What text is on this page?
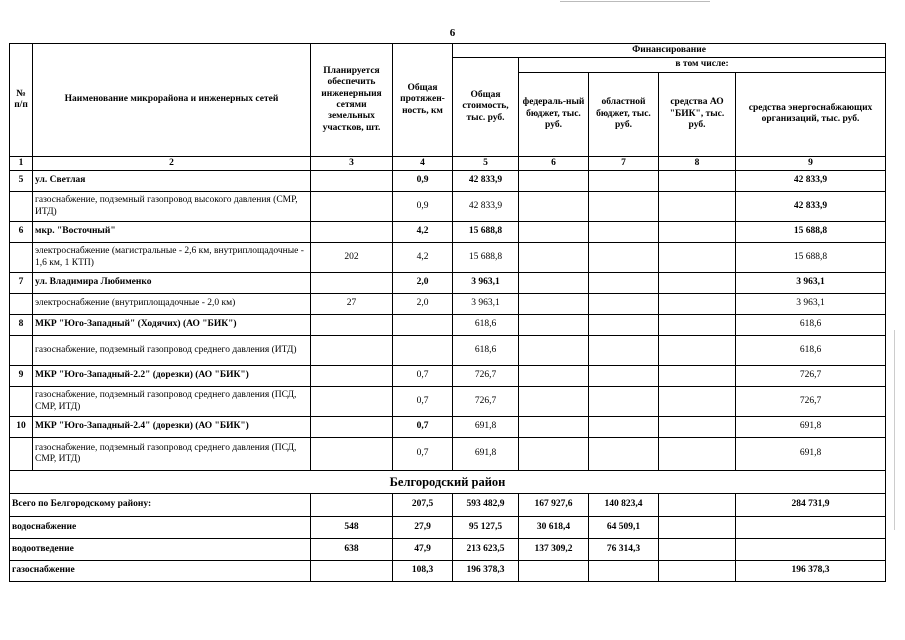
6
№ п/п	Наименование микрорайона и инженерных сетей	Планируется обеспечить инженерныия сетями земельных участков, шт.	Общая протяжен-ность, км	Финансирование				
				Общая стоимость, тыс. руб.	в том числе:			
					федераль-ный бюджет, тыс. руб.	областной бюджет, тыс. руб.	средства АО "БИК", тыс. руб.	средства энергоснабжающих организаций, тыс. руб.
1	2	3	4	5	6	7	8	9
5	ул. Светлая		0,9	42 833,9				42 833,9
	газоснабжение, подземный газопровод высокого давления (СМР, ИТД)		0,9	42 833,9				42 833,9
6	мкр. "Восточный"		4,2	15 688,8				15 688,8
	электроснабжение (магистральные - 2,6 км, внутриплощадочные - 1,6 км, 1 КТП)	202	4,2	15 688,8				15 688,8
7	ул. Владимира Любименко		2,0	3 963,1				3 963,1
	электроснабжение (внутриплощадочные - 2,0 км)	27	2,0	3 963,1				3 963,1
8	МКР "Юго-Западный" (Ходячих) (АО "БИК")			618,6				618,6
	газоснабжение, подземный газопровод среднего давления (ИТД)			618,6				618,6
9	МКР "Юго-Западный-2.2" (дорезки) (АО "БИК")		0,7	726,7				726,7
	газоснабжение, подземный газопровод среднего давления (ПСД, СМР, ИТД)		0,7	726,7				726,7
10	МКР "Юго-Западный-2.4" (дорезки) (АО "БИК")		0,7	691,8				691,8
	газоснабжение, подземный газопровод среднего давления (ПСД, СМР, ИТД)		0,7	691,8				691,8
Белгородский район								
Всего по Белгородскому району:			207,5	593 482,9	167 927,6	140 823,4		284 731,9
водоснабжение		548	27,9	95 127,5	30 618,4	64 509,1		
водоотведение		638	47,9	213 623,5	137 309,2	76 314,3		
газоснабжение			108,3	196 378,3				196 378,3
